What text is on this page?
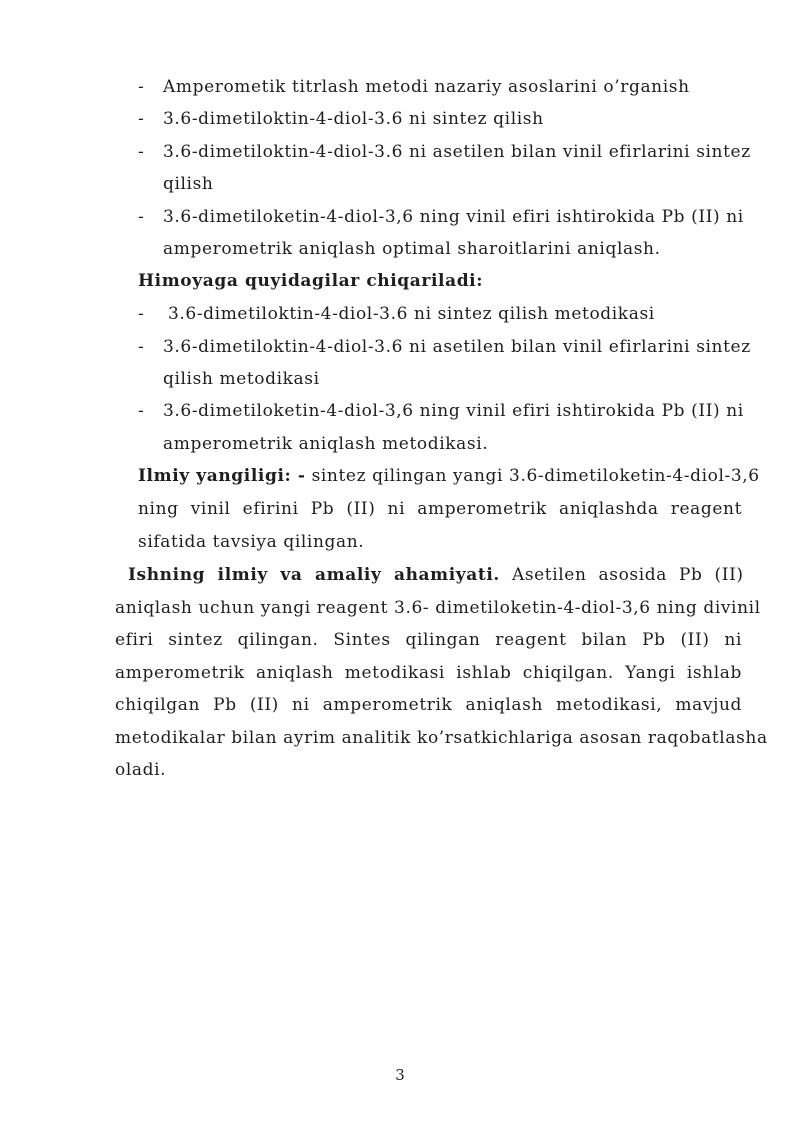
- Amperometik titrlash metodi nazariy asoslarini o’rganish
- 3.6-dimetiloktin-4-diol-3.6 ni sintez qilish
- 3.6-dimetiloktin-4-diol-3.6 ni asetilen bilan vinil efirlarini sintez
qilish
- 3.6-dimetiloketin-4-diol-3,6 ning vinil efiri ishtirokida Pb (II) ni
amperometrik aniqlash optimal sharoitlarini aniqlash.
Himoyaga quyidagilar chiqariladi:
- 3.6-dimetiloktin-4-diol-3.6 ni sintez qilish metodikasi
- 3.6-dimetiloktin-4-diol-3.6 ni asetilen bilan vinil efirlarini sintez
qilish metodikasi
- 3.6-dimetiloketin-4-diol-3,6 ning vinil efiri ishtirokida Pb (II) ni
amperometrik aniqlash metodikasi.
Ilmiy yangiligi: - sintez qilingan yangi 3.6-dimetiloketin-4-diol-3,6
ning vinil efirini Pb (II) ni amperometrik aniqlashda reagent
sifatida tavsiya qilingan.
Ishning ilmiy va amaliy ahamiyati. Asetilen asosida Pb (II)
aniqlash uchun yangi reagent 3.6- dimetiloketin-4-diol-3,6 ning divinil
efiri sintez qilingan. Sintes qilingan reagent bilan Pb (II) ni
amperometrik aniqlash metodikasi ishlab chiqilgan. Yangi ishlab
chiqilgan Pb (II) ni amperometrik aniqlash metodikasi, mavjud
metodikalar bilan ayrim analitik ko’rsatkichlariga asosan raqobatlasha
oladi.
3
